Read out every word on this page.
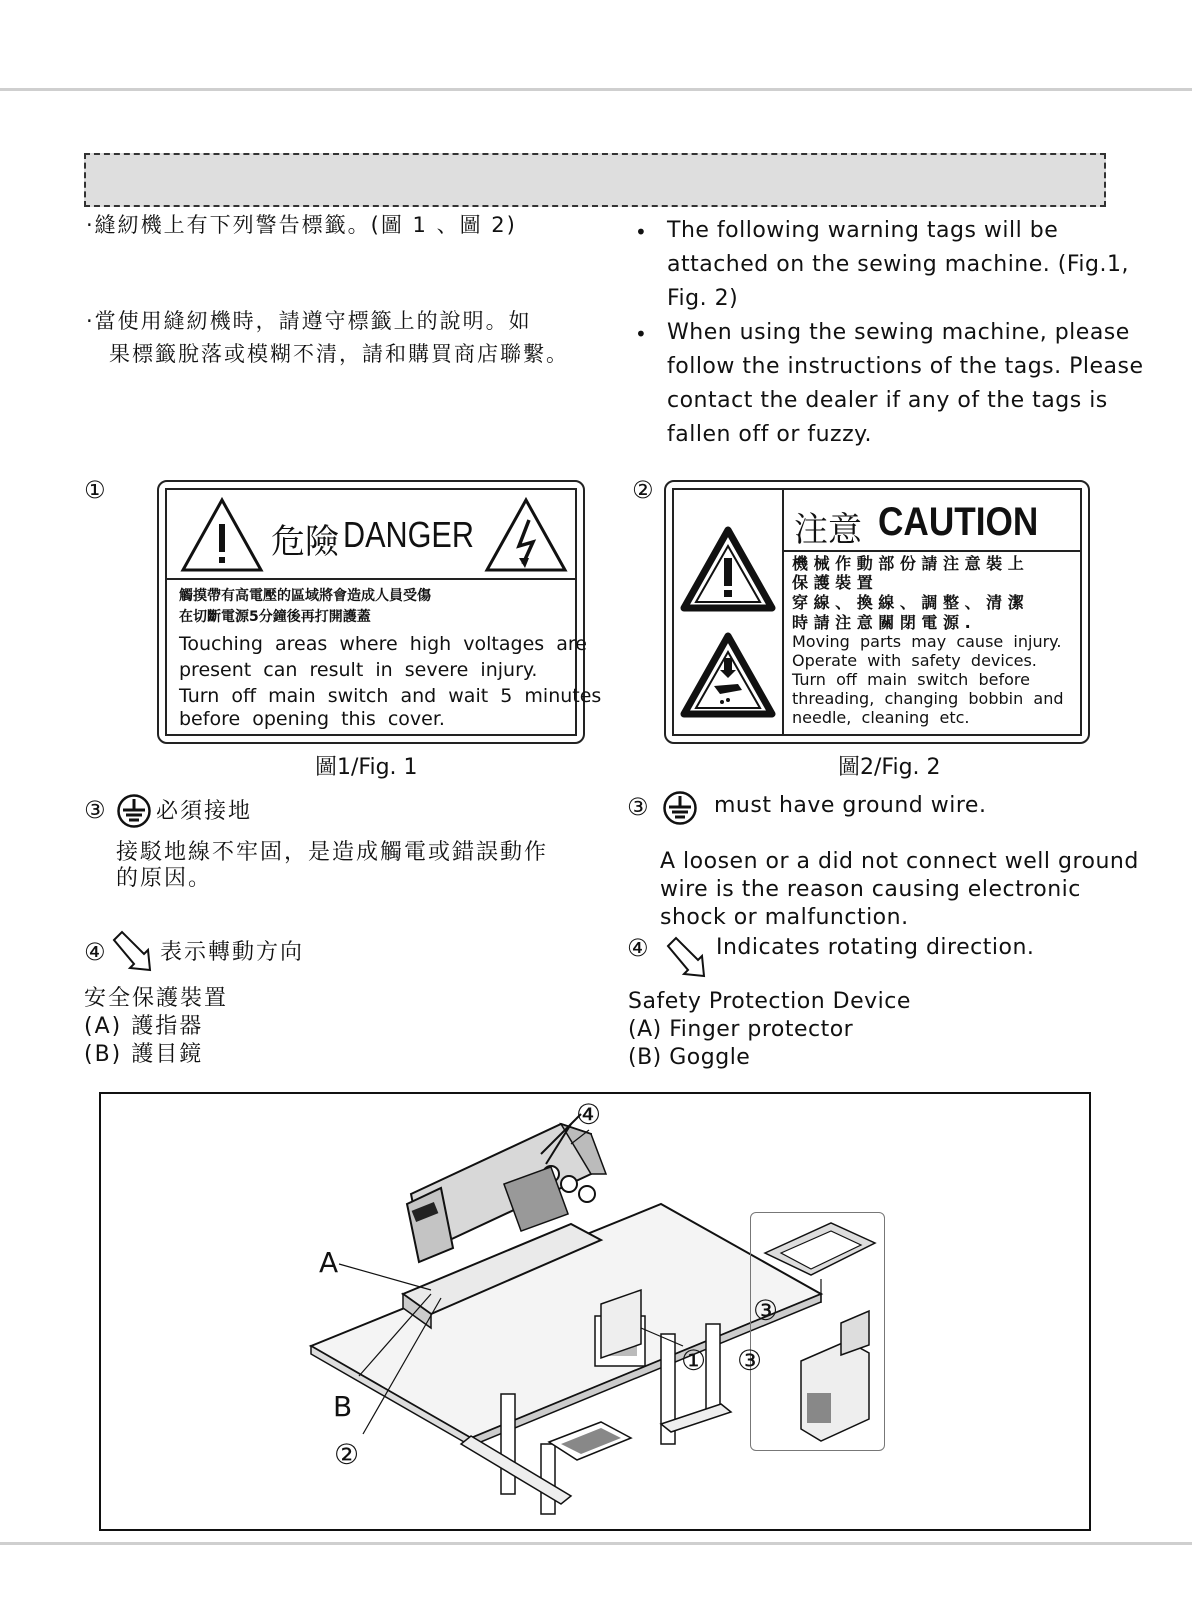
·縫紉機上有下列警告標籤。(圖 1 、圖 2)
·當使用縫紉機時，請遵守標籤上的說明。如
果標籤脫落或模糊不清，請和購買商店聯繫。
• The following warning tags will be
attached on the sewing machine. (Fig.1,
Fig. 2)
• When using the sewing machine, please
follow the instructions of the tags. Please
contact the dealer if any of the tags is
fallen off or fuzzy.
①	②
危險 DANGER
觸摸帶有高電壓的區域將會造成人員受傷
在切斷電源5分鐘後再打開護蓋
Touching  areas  where  high  voltages  are
present  can  result  in  severe  injury.
Turn  off  main  switch  and  wait  5  minutes
before  opening  this  cover.
圖1/Fig. 1
注意 CAUTION
機 械 作 動 部 份 請 注 意 裝 上
保 護 裝 置
穿 線 、 換 線 、 調 整 、 清 潔
時 請 注 意 關 閉 電 源 .
Moving  parts  may  cause  injury.
Operate  with  safety  devices.
Turn  off  main  switch  before
threading,  changing  bobbin  and
needle,  cleaning  etc.
圖2/Fig. 2
③ 必須接地
接駁地線不牢固，是造成觸電或錯誤動作
的原因。
③	must have ground wire.
A loosen or a did not connect well ground
wire is the reason causing electronic
shock or malfunction.
④ 表示轉動方向	④	Indicates rotating direction.
安全保護裝置
(A) 護指器
(B) 護目鏡
Safety Protection Device
(A) Finger protector
(B) Goggle
④
A
B
②
①
③
③
